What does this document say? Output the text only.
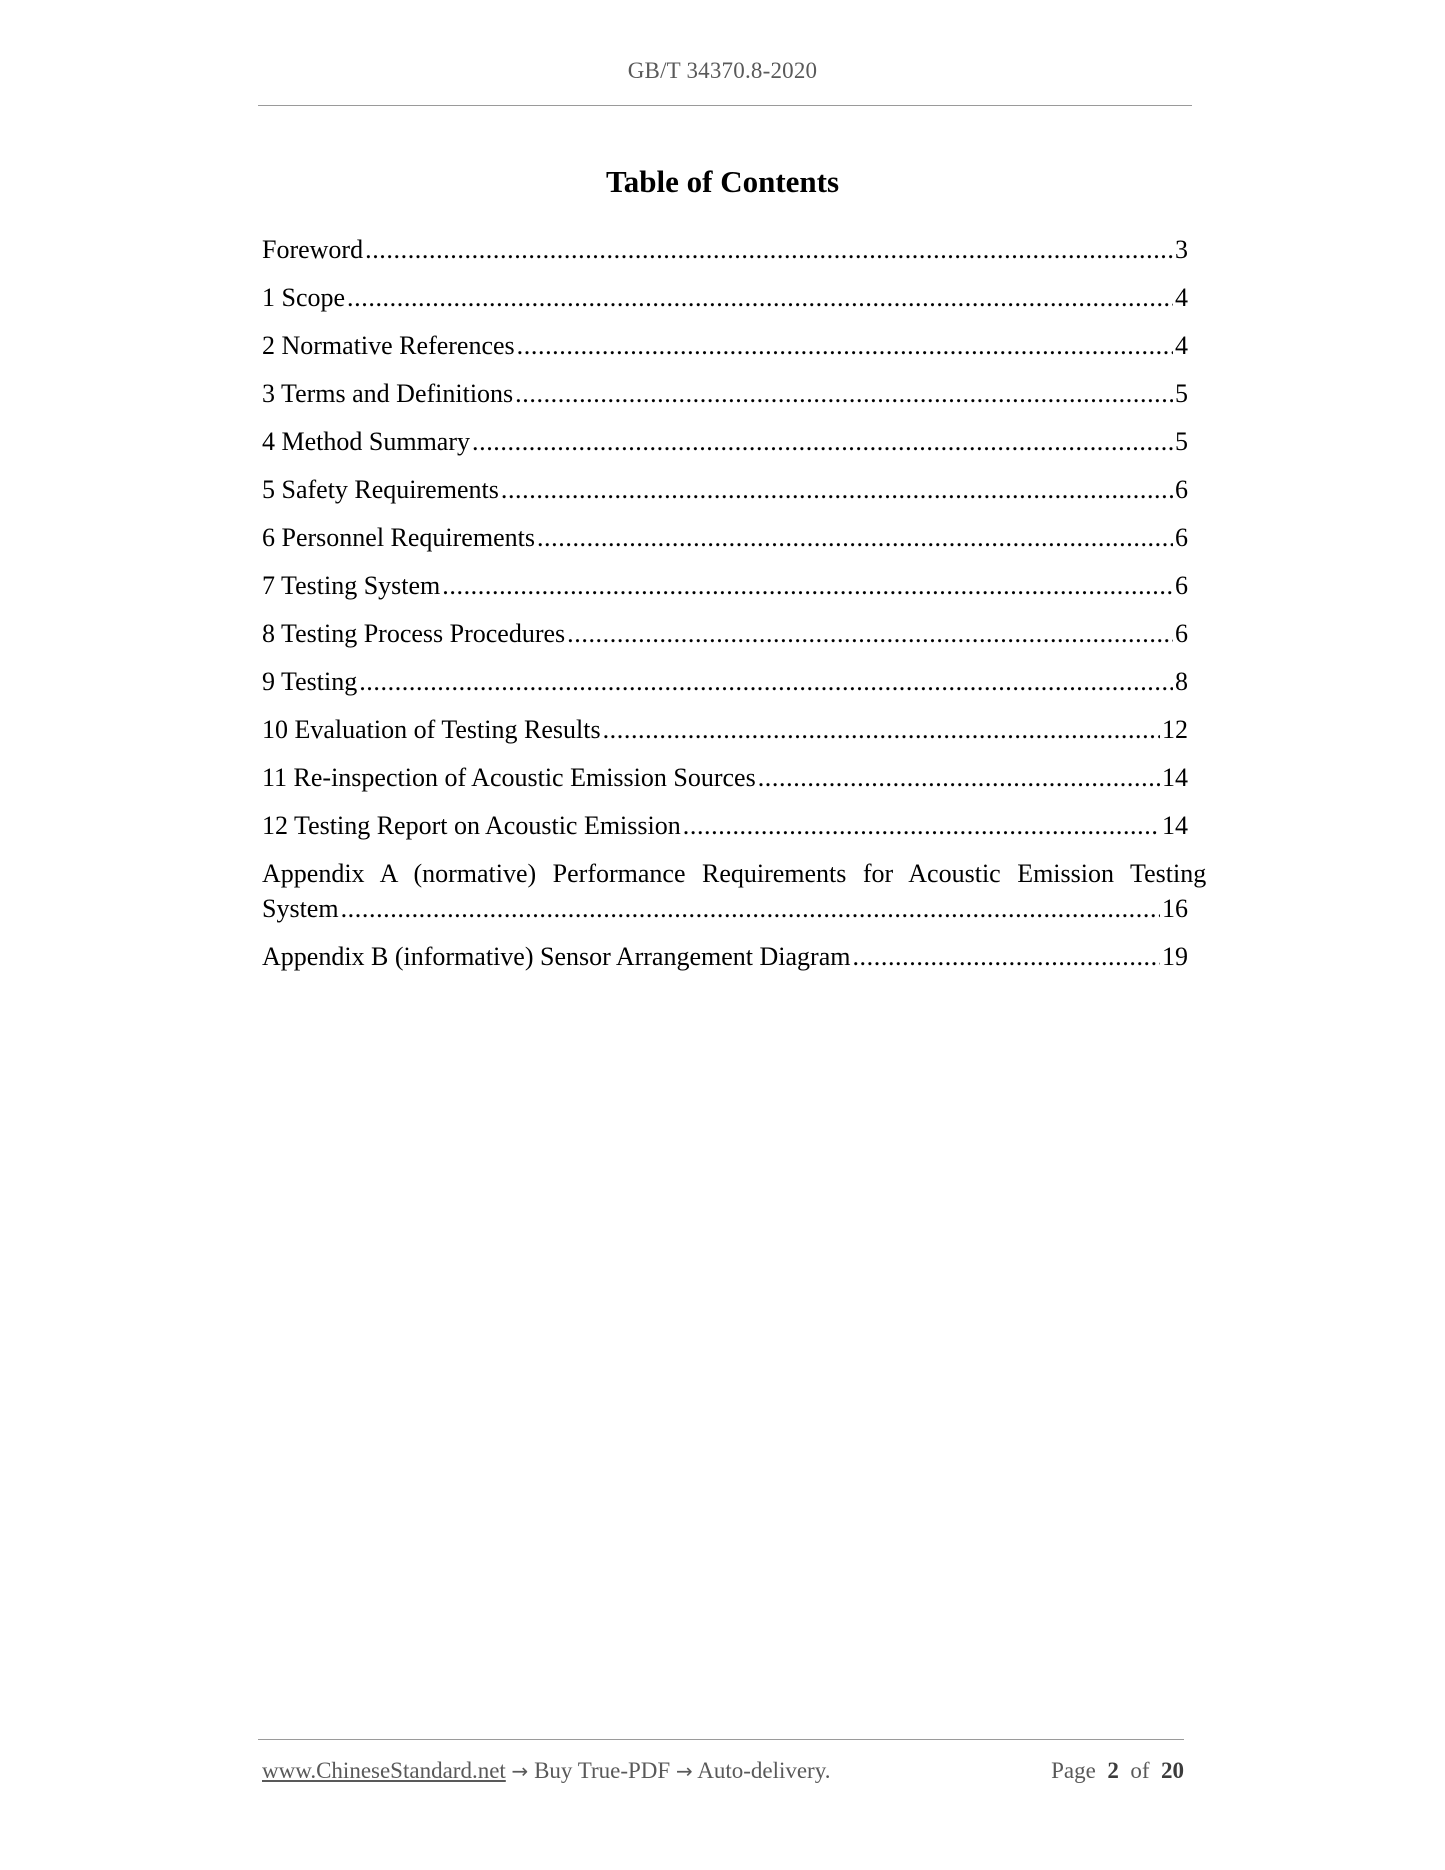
GB/T 34370.8-2020
Table of Contents
Foreword .....	3
1 Scope .....	4
2 Normative References .....	4
3 Terms and Definitions .....	5
4 Method Summary .....	5
5 Safety Requirements .....	6
6 Personnel Requirements .....	6
7 Testing System .....	6
8 Testing Process Procedures .....	6
9 Testing .....	8
10 Evaluation of Testing Results .....	12
11 Re-inspection of Acoustic Emission Sources .....	14
12 Testing Report on Acoustic Emission .....	14
Appendix A (normative) Performance Requirements for Acoustic Emission Testing
System .....	16
Appendix B (informative) Sensor Arrangement Diagram .....	19
www.ChineseStandard.net → Buy True-PDF → Auto-delivery.	Page 2 of 20
